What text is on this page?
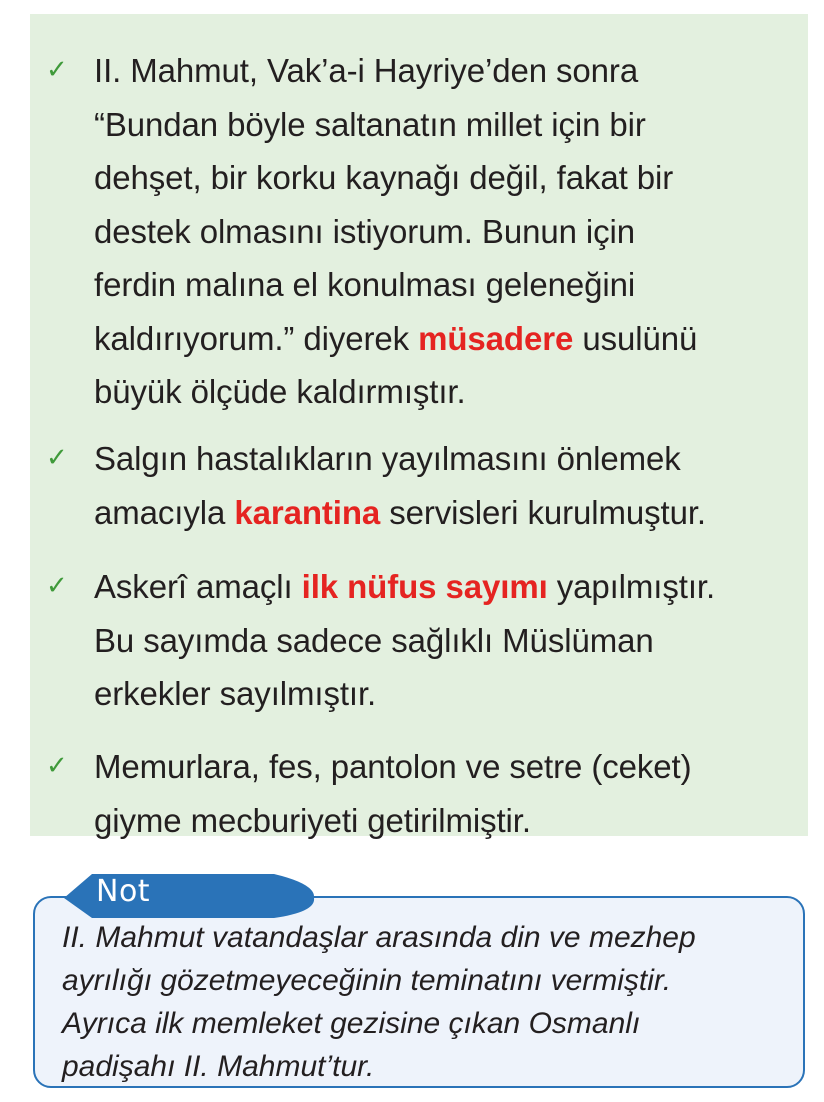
✓ II. Mahmut, Vak’a-i Hayriye’den sonra
“Bundan böyle saltanatın millet için bir
dehşet, bir korku kaynağı değil, fakat bir
destek olmasını istiyorum. Bunun için
ferdin malına el konulması geleneğini
kaldırıyorum.” diyerek müsadere usulünü
büyük ölçüde kaldırmıştır.
✓ Salgın hastalıkların yayılmasını önlemek
amacıyla karantina servisleri kurulmuştur.
✓ Askerî amaçlı ilk nüfus sayımı yapılmıştır.
Bu sayımda sadece sağlıklı Müslüman
erkekler sayılmıştır.
✓ Memurlara, fes, pantolon ve setre (ceket)
giyme mecburiyeti getirilmiştir.
Not
II. Mahmut vatandaşlar arasında din ve mezhep
ayrılığı gözetmeyeceğinin teminatını vermiştir.
Ayrıca ilk memleket gezisine çıkan Osmanlı
padişahı II. Mahmut’tur.
